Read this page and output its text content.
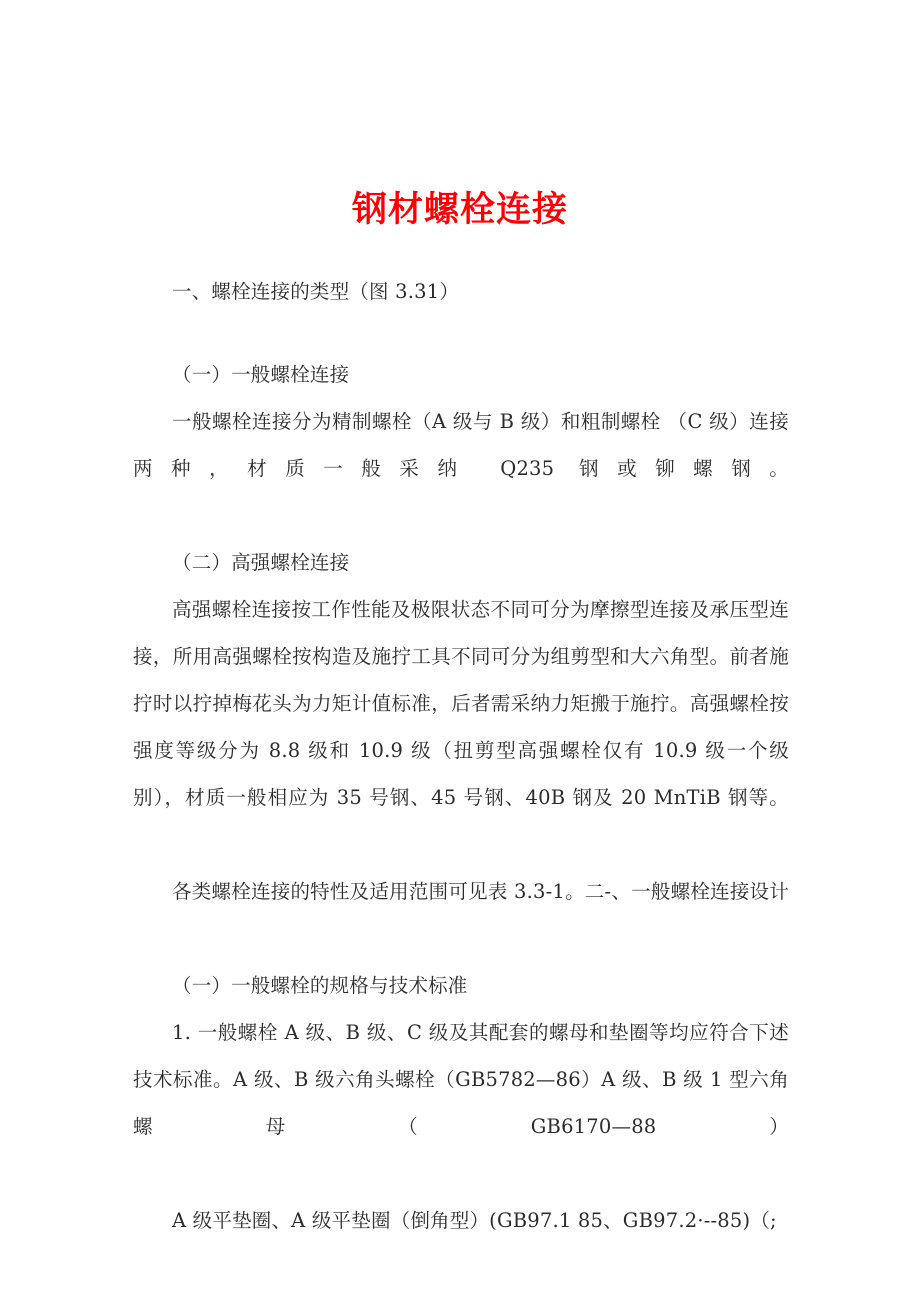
钢材螺栓连接

一、螺栓连接的类型（图 3.31）

（一）一般螺栓连接

一般螺栓连接分为精制螺栓（A 级与 B 级）和粗制螺栓 （C 级）连接两种，材质一般采纳 Q235 钢或铆螺钢。

（二）高强螺栓连接

高强螺栓连接按工作性能及极限状态不同可分为摩擦型连接及承压型连接，所用高强螺栓按构造及施拧工具不同可分为组剪型和大六角型。前者施拧时以拧掉梅花头为力矩计值标准，后者需采纳力矩搬于施拧。高强螺栓按强度等级分为 8.8 级和 10.9 级（扭剪型高强螺栓仅有 10.9 级一个级别），材质一般相应为 35 号钢、45 号钢、40B 钢及 20 MnTiB 钢等。

各类螺栓连接的特性及适用范围可见表 3.3-1。二-、一般螺栓连接设计

（一）一般螺栓的规格与技术标准

1. 一般螺栓 A 级、B 级、C 级及其配套的螺母和垫圈等均应符合下述技术标准。A 级、B 级六角头螺栓（GB5782—86）A 级、B 级 1 型六角螺母（GB6170—88）

A 级平垫圈、A 级平垫圈（倒角型）(GB97.1 85、GB97.2·--85)（;
